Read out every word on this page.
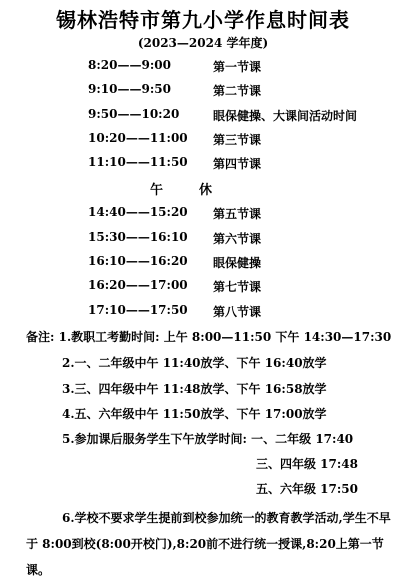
锡林浩特市第九小学作息时间表
(2023—2024 学年度)
8:20——9:00	第一节课
9:10——9:50	第二节课
9:50——10:20	眼保健操、大课间活动时间
10:20——11:00 第三节课
11:10——11:50 第四节课
午	休
14:40——15:20 第五节课
15:30——16:10 第六节课
16:10——16:20 眼保健操
16:20——17:00 第七节课
17:10——17:50 第八节课
备注: 1.教职工考勤时间: 上午 8:00—11:50 下午 14:30—17:30
2.一、二年级中午 11:40放学、下午 16:40放学
3.三、四年级中午 11:48放学、下午 16:58放学
4.五、六年级中午 11:50放学、下午 17:00放学
5.参加课后服务学生下午放学时间: 一、二年级 17:40
三、四年级 17:48
五、六年级 17:50
6.学校不要求学生提前到校参加统一的教育教学活动,学生不早于 8:00到校(8:00开校门),8:20前不进行统一授课,8:20上第一节课。
